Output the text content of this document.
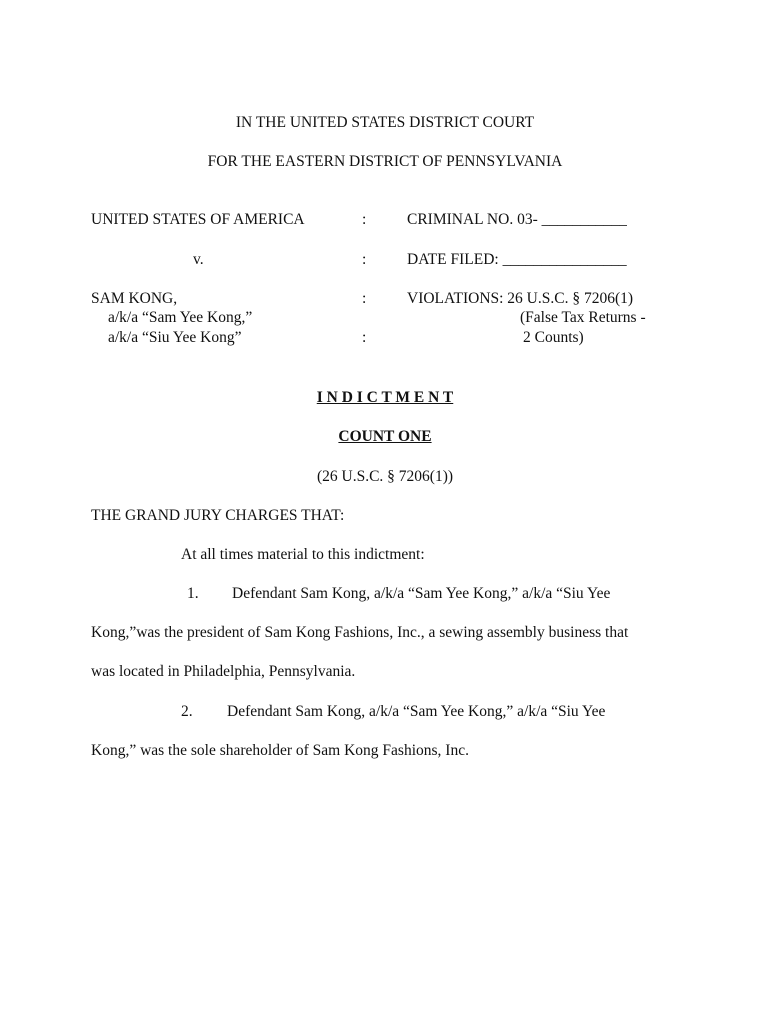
IN THE UNITED STATES DISTRICT COURT
FOR THE EASTERN DISTRICT OF PENNSYLVANIA
UNITED STATES OF AMERICA
v.
SAM KONG,
a/k/a “Sam Yee Kong,”
a/k/a “Siu Yee Kong”
:
:
:
:
CRIMINAL NO. 03- ___________
DATE FILED: ________________
VIOLATIONS: 26 U.S.C. § 7206(1)
(False Tax Returns -
2 Counts)
I N D I C T M E N T
COUNT ONE
(26 U.S.C. § 7206(1))
THE GRAND JURY CHARGES THAT:
At all times material to this indictment:
1. Defendant Sam Kong, a/k/a “Sam Yee Kong,” a/k/a “Siu Yee
Kong,”was the president of Sam Kong Fashions, Inc., a sewing assembly business that
was located in Philadelphia, Pennsylvania.
2. Defendant Sam Kong, a/k/a “Sam Yee Kong,” a/k/a “Siu Yee
Kong,” was the sole shareholder of Sam Kong Fashions, Inc.
